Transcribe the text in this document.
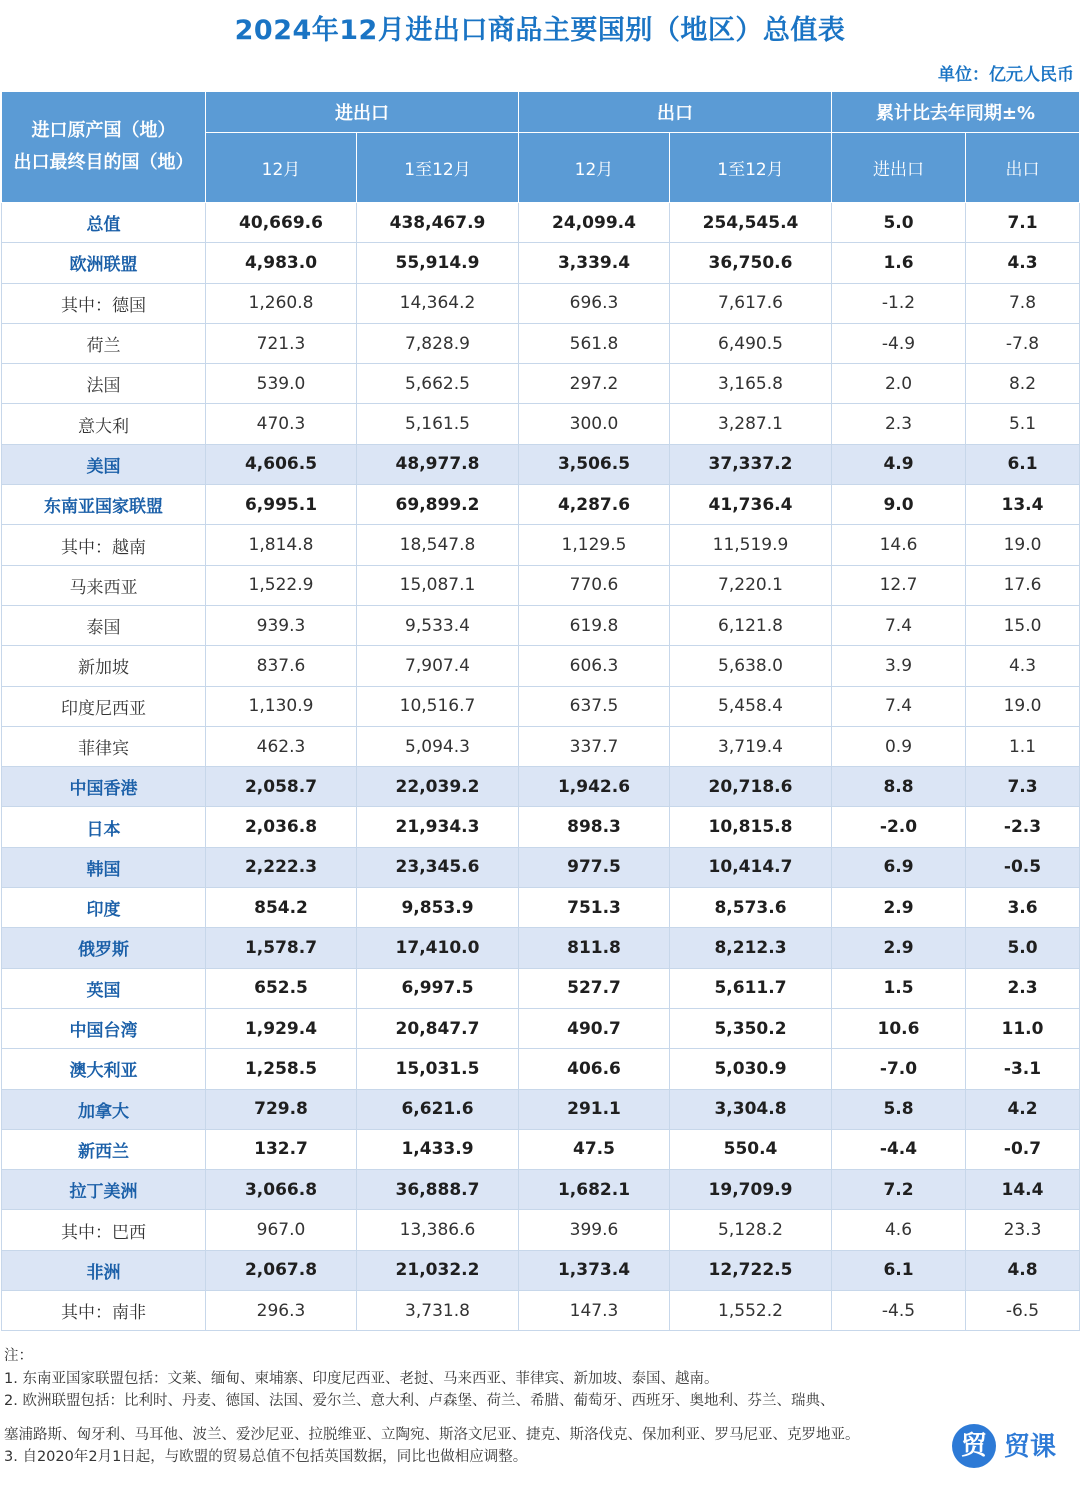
2024年12月进出口商品主要国别（地区）总值表
单位：亿元人民币
进口原产国（地）
出口最终目的国（地）	进出口		出口		累计比去年同期±%	
	12月	1至12月	12月	1至12月	进出口	出口
总值	40,669.6	438,467.9	24,099.4	254,545.4	5.0	7.1
欧洲联盟	4,983.0	55,914.9	3,339.4	36,750.6	1.6	4.3
其中：德国	1,260.8	14,364.2	696.3	7,617.6	-1.2	7.8
荷兰	721.3	7,828.9	561.8	6,490.5	-4.9	-7.8
法国	539.0	5,662.5	297.2	3,165.8	2.0	8.2
意大利	470.3	5,161.5	300.0	3,287.1	2.3	5.1
美国	4,606.5	48,977.8	3,506.5	37,337.2	4.9	6.1
东南亚国家联盟	6,995.1	69,899.2	4,287.6	41,736.4	9.0	13.4
其中：越南	1,814.8	18,547.8	1,129.5	11,519.9	14.6	19.0
马来西亚	1,522.9	15,087.1	770.6	7,220.1	12.7	17.6
泰国	939.3	9,533.4	619.8	6,121.8	7.4	15.0
新加坡	837.6	7,907.4	606.3	5,638.0	3.9	4.3
印度尼西亚	1,130.9	10,516.7	637.5	5,458.4	7.4	19.0
菲律宾	462.3	5,094.3	337.7	3,719.4	0.9	1.1
中国香港	2,058.7	22,039.2	1,942.6	20,718.6	8.8	7.3
日本	2,036.8	21,934.3	898.3	10,815.8	-2.0	-2.3
韩国	2,222.3	23,345.6	977.5	10,414.7	6.9	-0.5
印度	854.2	9,853.9	751.3	8,573.6	2.9	3.6
俄罗斯	1,578.7	17,410.0	811.8	8,212.3	2.9	5.0
英国	652.5	6,997.5	527.7	5,611.7	1.5	2.3
中国台湾	1,929.4	20,847.7	490.7	5,350.2	10.6	11.0
澳大利亚	1,258.5	15,031.5	406.6	5,030.9	-7.0	-3.1
加拿大	729.8	6,621.6	291.1	3,304.8	5.8	4.2
新西兰	132.7	1,433.9	47.5	550.4	-4.4	-0.7
拉丁美洲	3,066.8	36,888.7	1,682.1	19,709.9	7.2	14.4
其中：巴西	967.0	13,386.6	399.6	5,128.2	4.6	23.3
非洲	2,067.8	21,032.2	1,373.4	12,722.5	6.1	4.8
其中：南非	296.3	3,731.8	147.3	1,552.2	-4.5	-6.5
注：
1. 东南亚国家联盟包括：文莱、缅甸、柬埔寨、印度尼西亚、老挝、马来西亚、菲律宾、新加坡、泰国、越南。
2. 欧洲联盟包括：比利时、丹麦、德国、法国、爱尔兰、意大利、卢森堡、荷兰、希腊、葡萄牙、西班牙、奥地利、芬兰、瑞典、
塞浦路斯、匈牙利、马耳他、波兰、爱沙尼亚、拉脱维亚、立陶宛、斯洛文尼亚、捷克、斯洛伐克、保加利亚、罗马尼亚、克罗地亚。
3. 自2020年2月1日起，与欧盟的贸易总值不包括英国数据，同比也做相应调整。	贸 贸课
